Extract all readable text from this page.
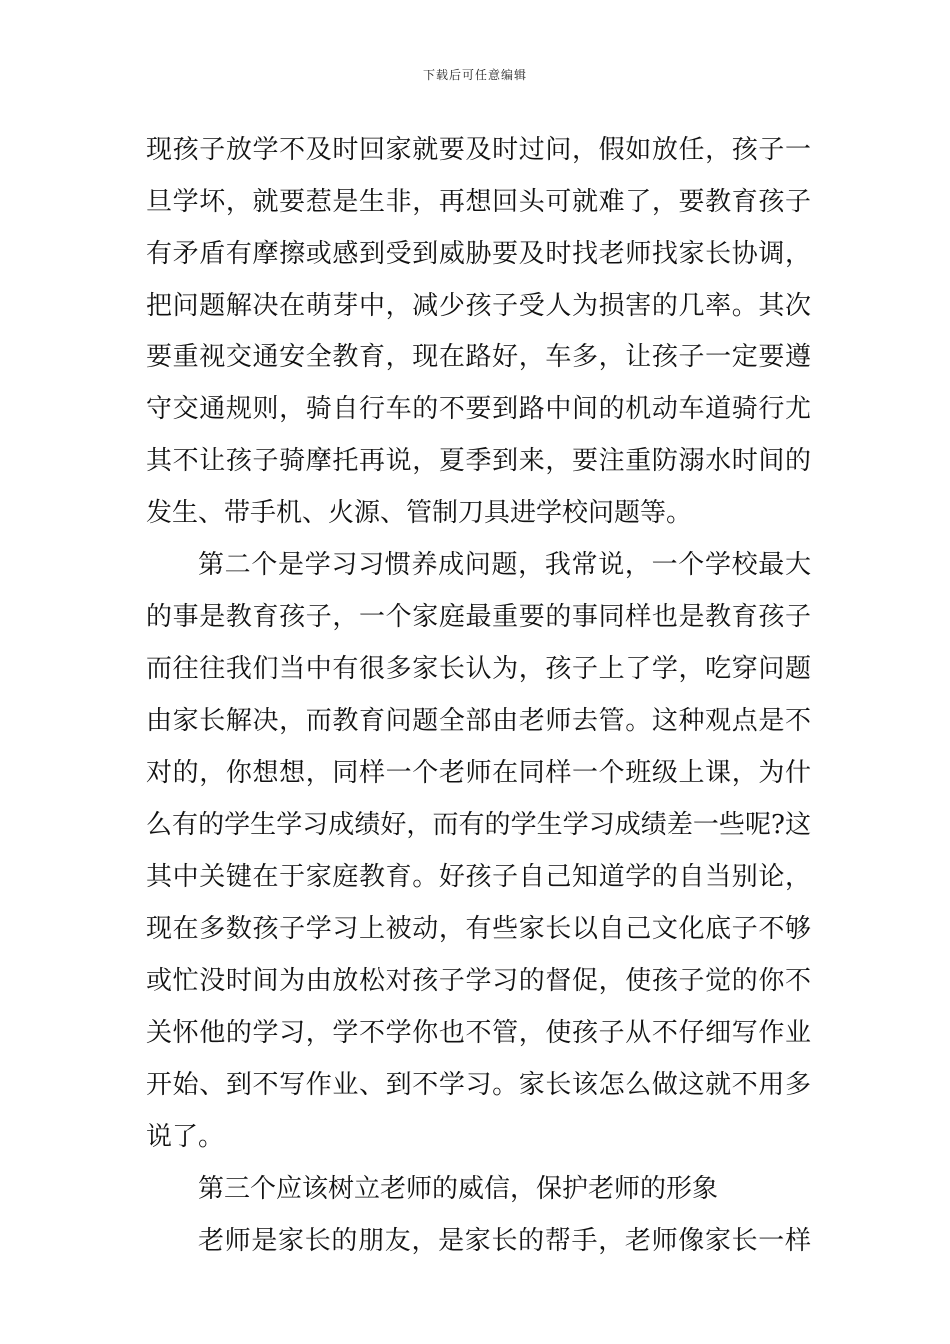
下载后可任意编辑
现孩子放学不及时回家就要及时过问，假如放任，孩子一
旦学坏，就要惹是生非，再想回头可就难了，要教育孩子
有矛盾有摩擦或感到受到威胁要及时找老师找家长协调，
把问题解决在萌芽中，减少孩子受人为损害的几率。其次
要重视交通安全教育，现在路好，车多，让孩子一定要遵
守交通规则，骑自行车的不要到路中间的机动车道骑行尤
其不让孩子骑摩托再说，夏季到来，要注重防溺水时间的
发生、带手机、火源、管制刀具进学校问题等。
第二个是学习习惯养成问题，我常说，一个学校最大
的事是教育孩子，一个家庭最重要的事同样也是教育孩子
而往往我们当中有很多家长认为，孩子上了学，吃穿问题
由家长解决，而教育问题全部由老师去管。这种观点是不
对的，你想想，同样一个老师在同样一个班级上课，为什
么有的学生学习成绩好，而有的学生学习成绩差一些呢?这
其中关键在于家庭教育。好孩子自己知道学的自当别论，
现在多数孩子学习上被动，有些家长以自己文化底子不够
或忙没时间为由放松对孩子学习的督促，使孩子觉的你不
关怀他的学习，学不学你也不管，使孩子从不仔细写作业
开始、到不写作业、到不学习。家长该怎么做这就不用多
说了。
第三个应该树立老师的威信，保护老师的形象
老师是家长的朋友，是家长的帮手，老师像家长一样
